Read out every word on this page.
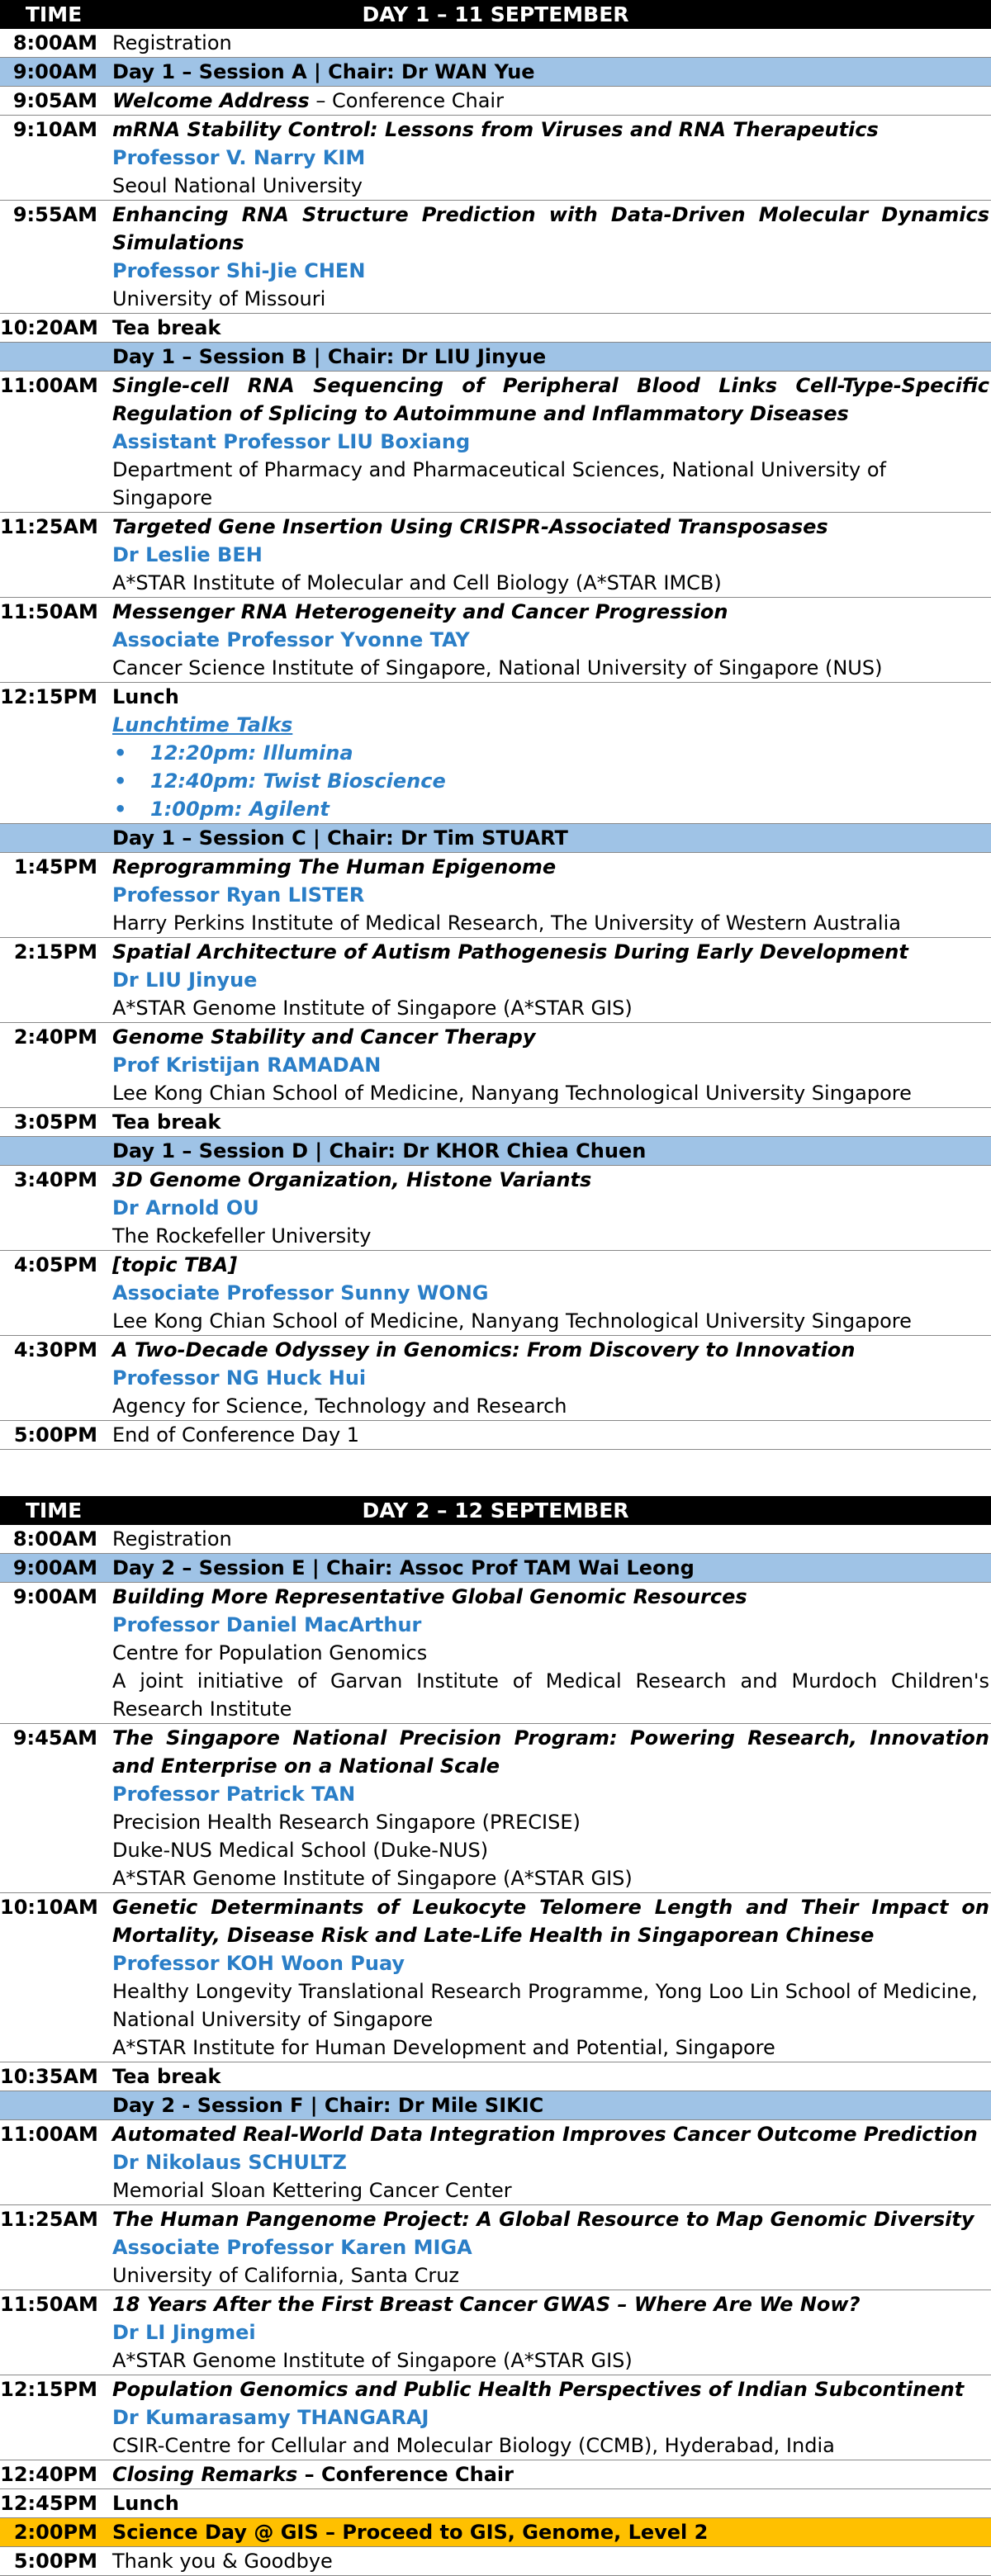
TIME	DAY 1 – 11 SEPTEMBER
8:00AM Registration
9:00AM Day 1 – Session A | Chair: Dr WAN Yue
9:05AM Welcome Address – Conference Chair
9:10AM mRNA Stability Control: Lessons from Viruses and RNA Therapeutics
Professor V. Narry KIM
Seoul National University
9:55AM Enhancing RNA Structure Prediction with Data-Driven Molecular Dynamics Simulations
Professor Shi-Jie CHEN
University of Missouri
10:20AM Tea break
Day 1 – Session B | Chair: Dr LIU Jinyue
11:00AM Single-cell RNA Sequencing of Peripheral Blood Links Cell-Type-Specific Regulation of Splicing to Autoimmune and Inflammatory Diseases
Assistant Professor LIU Boxiang
Department of Pharmacy and Pharmaceutical Sciences, National University of Singapore
11:25AM Targeted Gene Insertion Using CRISPR-Associated Transposases
Dr Leslie BEH
A*STAR Institute of Molecular and Cell Biology (A*STAR IMCB)
11:50AM Messenger RNA Heterogeneity and Cancer Progression
Associate Professor Yvonne TAY
Cancer Science Institute of Singapore, National University of Singapore (NUS)
12:15PM Lunch
Lunchtime Talks
• 12:20pm: Illumina
• 12:40pm: Twist Bioscience
• 1:00pm: Agilent
Day 1 – Session C | Chair: Dr Tim STUART
1:45PM Reprogramming The Human Epigenome
Professor Ryan LISTER
Harry Perkins Institute of Medical Research, The University of Western Australia
2:15PM Spatial Architecture of Autism Pathogenesis During Early Development
Dr LIU Jinyue
A*STAR Genome Institute of Singapore (A*STAR GIS)
2:40PM Genome Stability and Cancer Therapy
Prof Kristijan RAMADAN
Lee Kong Chian School of Medicine, Nanyang Technological University Singapore
3:05PM Tea break
Day 1 – Session D | Chair: Dr KHOR Chiea Chuen
3:40PM 3D Genome Organization, Histone Variants
Dr Arnold OU
The Rockefeller University
4:05PM [topic TBA]
Associate Professor Sunny WONG
Lee Kong Chian School of Medicine, Nanyang Technological University Singapore
4:30PM A Two-Decade Odyssey in Genomics: From Discovery to Innovation
Professor NG Huck Hui
Agency for Science, Technology and Research
5:00PM End of Conference Day 1
TIME	DAY 2 – 12 SEPTEMBER
8:00AM Registration
9:00AM Day 2 – Session E | Chair: Assoc Prof TAM Wai Leong
9:00AM Building More Representative Global Genomic Resources
Professor Daniel MacArthur
Centre for Population Genomics
A joint initiative of Garvan Institute of Medical Research and Murdoch Children's Research Institute
9:45AM The Singapore National Precision Program: Powering Research, Innovation and Enterprise on a National Scale
Professor Patrick TAN
Precision Health Research Singapore (PRECISE)
Duke-NUS Medical School (Duke-NUS)
A*STAR Genome Institute of Singapore (A*STAR GIS)
10:10AM Genetic Determinants of Leukocyte Telomere Length and Their Impact on Mortality, Disease Risk and Late-Life Health in Singaporean Chinese
Professor KOH Woon Puay
Healthy Longevity Translational Research Programme, Yong Loo Lin School of Medicine, National University of Singapore
A*STAR Institute for Human Development and Potential, Singapore
10:35AM Tea break
Day 2 - Session F | Chair: Dr Mile SIKIC
11:00AM Automated Real-World Data Integration Improves Cancer Outcome Prediction
Dr Nikolaus SCHULTZ
Memorial Sloan Kettering Cancer Center
11:25AM The Human Pangenome Project: A Global Resource to Map Genomic Diversity
Associate Professor Karen MIGA
University of California, Santa Cruz
11:50AM 18 Years After the First Breast Cancer GWAS – Where Are We Now?
Dr LI Jingmei
A*STAR Genome Institute of Singapore (A*STAR GIS)
12:15PM Population Genomics and Public Health Perspectives of Indian Subcontinent
Dr Kumarasamy THANGARAJ
CSIR-Centre for Cellular and Molecular Biology (CCMB), Hyderabad, India
12:40PM Closing Remarks – Conference Chair
12:45PM Lunch
2:00PM Science Day @ GIS – Proceed to GIS, Genome, Level 2
5:00PM Thank you & Goodbye
